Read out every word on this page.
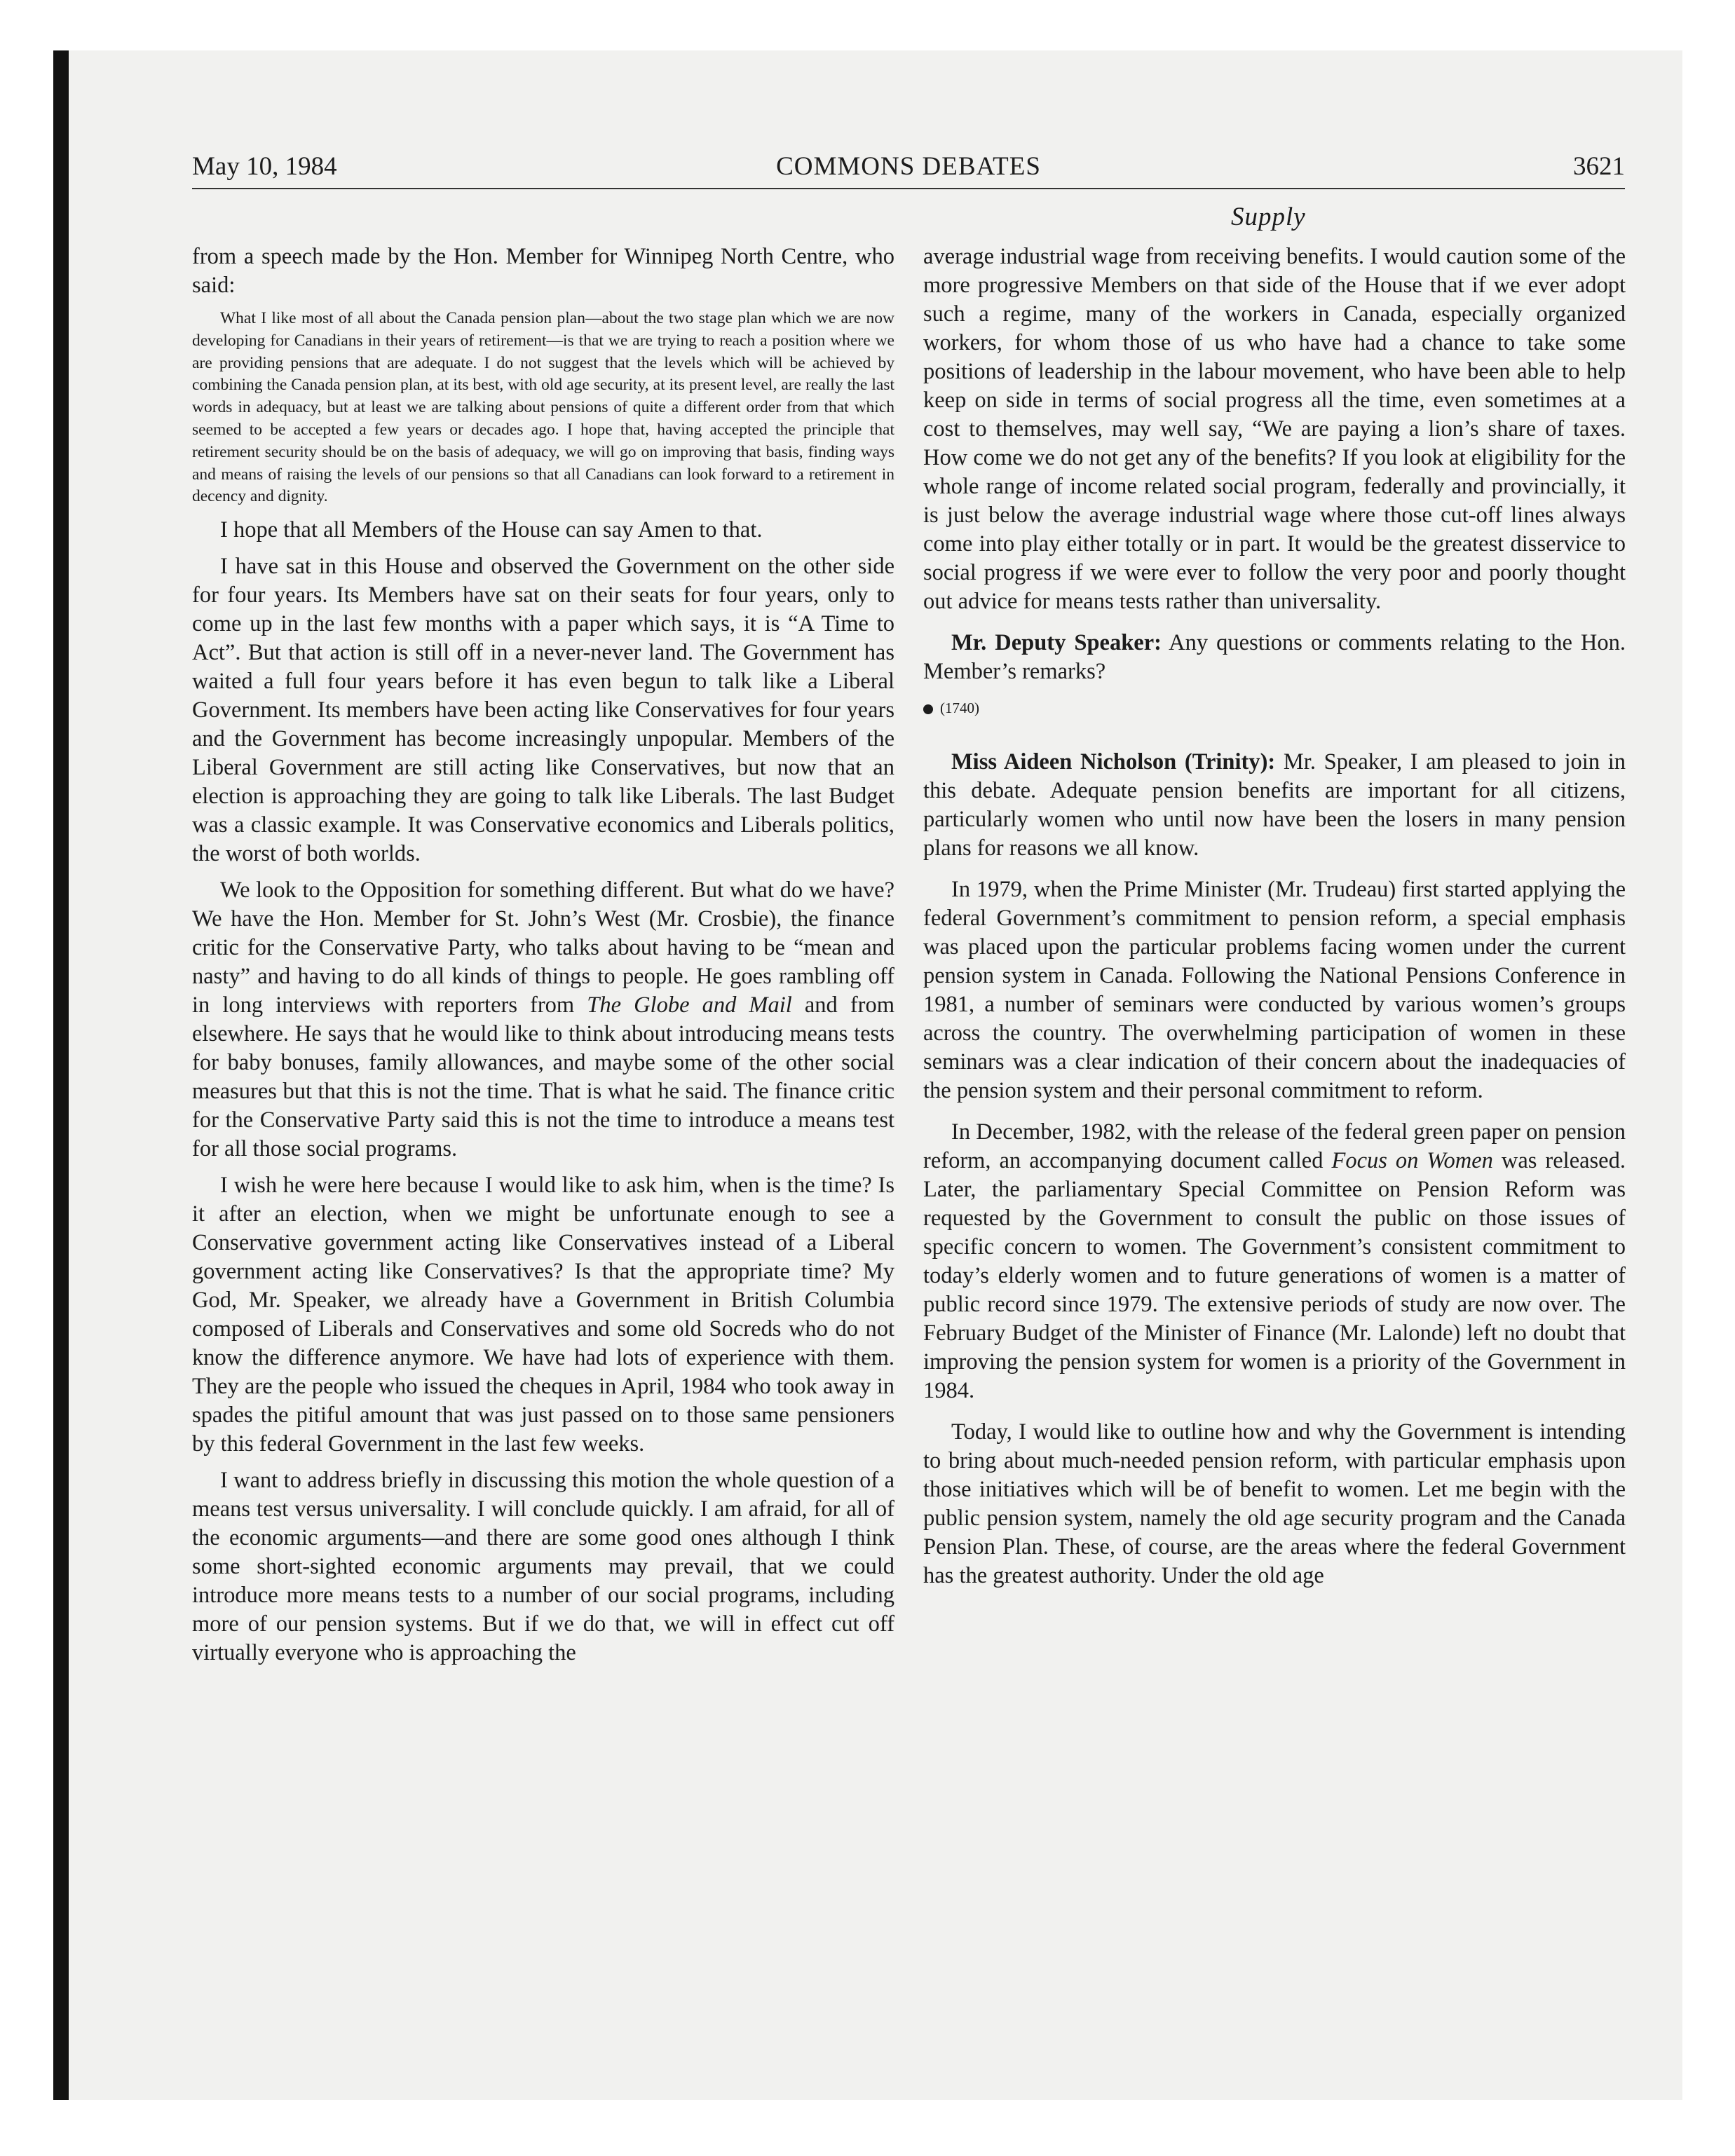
May 10, 1984	COMMONS DEBATES	3621
Supply

from a speech made by the Hon. Member for Winnipeg North Centre, who said:

What I like most of all about the Canada pension plan—about the two stage plan which we are now developing for Canadians in their years of retirement—is that we are trying to reach a position where we are providing pensions that are adequate. I do not suggest that the levels which will be achieved by combining the Canada pension plan, at its best, with old age security, at its present level, are really the last words in adequacy, but at least we are talking about pensions of quite a different order from that which seemed to be accepted a few years or decades ago. I hope that, having accepted the principle that retirement security should be on the basis of adequacy, we will go on improving that basis, finding ways and means of raising the levels of our pensions so that all Canadians can look forward to a retirement in decency and dignity.

I hope that all Members of the House can say Amen to that.

I have sat in this House and observed the Government on the other side for four years. Its Members have sat on their seats for four years, only to come up in the last few months with a paper which says, it is “A Time to Act”. But that action is still off in a never-never land. The Government has waited a full four years before it has even begun to talk like a Liberal Government. Its members have been acting like Conservatives for four years and the Government has become increasingly unpopular. Members of the Liberal Government are still acting like Conservatives, but now that an election is approaching they are going to talk like Liberals. The last Budget was a classic example. It was Conservative economics and Liberals politics, the worst of both worlds.

We look to the Opposition for something different. But what do we have? We have the Hon. Member for St. John’s West (Mr. Crosbie), the finance critic for the Conservative Party, who talks about having to be “mean and nasty” and having to do all kinds of things to people. He goes rambling off in long interviews with reporters from The Globe and Mail and from elsewhere. He says that he would like to think about introducing means tests for baby bonuses, family allowances, and maybe some of the other social measures but that this is not the time. That is what he said. The finance critic for the Conservative Party said this is not the time to introduce a means test for all those social programs.

I wish he were here because I would like to ask him, when is the time? Is it after an election, when we might be unfortunate enough to see a Conservative government acting like Conservatives instead of a Liberal government acting like Conservatives? Is that the appropriate time? My God, Mr. Speaker, we already have a Government in British Columbia composed of Liberals and Conservatives and some old Socreds who do not know the difference anymore. We have had lots of experience with them. They are the people who issued the cheques in April, 1984 who took away in spades the pitiful amount that was just passed on to those same pensioners by this federal Government in the last few weeks.

I want to address briefly in discussing this motion the whole question of a means test versus universality. I will conclude quickly. I am afraid, for all of the economic arguments—and there are some good ones although I think some short-sighted economic arguments may prevail, that we could introduce more means tests to a number of our social programs, including more of our pension systems. But if we do that, we will in effect cut off virtually everyone who is approaching the

average industrial wage from receiving benefits. I would caution some of the more progressive Members on that side of the House that if we ever adopt such a regime, many of the workers in Canada, especially organized workers, for whom those of us who have had a chance to take some positions of leadership in the labour movement, who have been able to help keep on side in terms of social progress all the time, even sometimes at a cost to themselves, may well say, “We are paying a lion’s share of taxes. How come we do not get any of the benefits? If you look at eligibility for the whole range of income related social program, federally and provincially, it is just below the average industrial wage where those cut-off lines always come into play either totally or in part. It would be the greatest disservice to social progress if we were ever to follow the very poor and poorly thought out advice for means tests rather than universality.

Mr. Deputy Speaker: Any questions or comments relating to the Hon. Member’s remarks?

(1740)

Miss Aideen Nicholson (Trinity): Mr. Speaker, I am pleased to join in this debate. Adequate pension benefits are important for all citizens, particularly women who until now have been the losers in many pension plans for reasons we all know.

In 1979, when the Prime Minister (Mr. Trudeau) first started applying the federal Government’s commitment to pension reform, a special emphasis was placed upon the particular problems facing women under the current pension system in Canada. Following the National Pensions Conference in 1981, a number of seminars were conducted by various women’s groups across the country. The overwhelming participation of women in these seminars was a clear indication of their concern about the inadequacies of the pension system and their personal commitment to reform.

In December, 1982, with the release of the federal green paper on pension reform, an accompanying document called Focus on Women was released. Later, the parliamentary Special Committee on Pension Reform was requested by the Government to consult the public on those issues of specific concern to women. The Government’s consistent commitment to today’s elderly women and to future generations of women is a matter of public record since 1979. The extensive periods of study are now over. The February Budget of the Minister of Finance (Mr. Lalonde) left no doubt that improving the pension system for women is a priority of the Government in 1984.

Today, I would like to outline how and why the Government is intending to bring about much-needed pension reform, with particular emphasis upon those initiatives which will be of benefit to women. Let me begin with the public pension system, namely the old age security program and the Canada Pension Plan. These, of course, are the areas where the federal Government has the greatest authority. Under the old age
